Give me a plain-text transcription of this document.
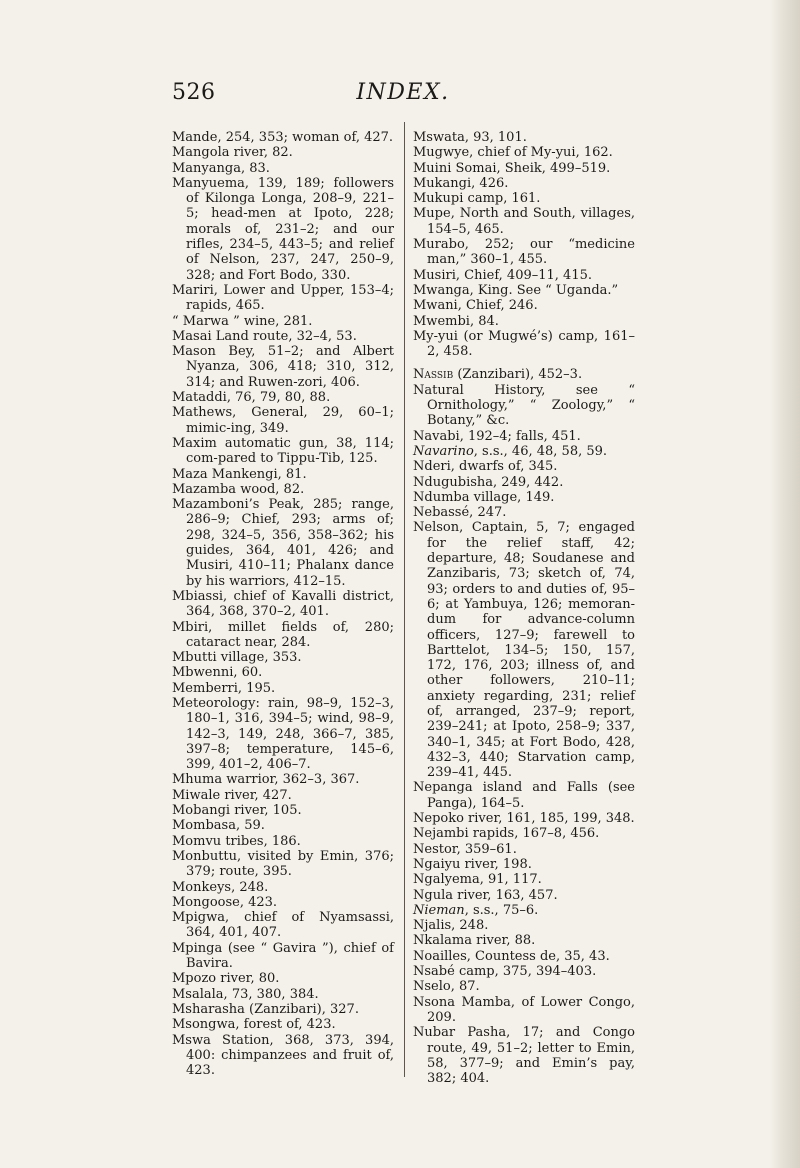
526	INDEX.

Mande, 254, 353; woman of, 427.

Mangola river, 82.

Manyanga, 83.

Manyuema, 139, 189; followers of Kilonga Longa, 208–9, 221–5; head-men at Ipoto, 228; morals of, 231–2; and our rifles, 234–5, 443–5; and relief of Nelson, 237, 247, 250–9, 328; and Fort Bodo, 330.

Mariri, Lower and Upper, 153–4; rapids, 465.

“ Marwa ” wine, 281.

Masai Land route, 32–4, 53.

Mason Bey, 51–2; and Albert Nyanza, 306, 418; 310, 312, 314; and Ruwen-zori, 406.

Mataddi, 76, 79, 80, 88.

Mathews, General, 29, 60–1; mimic-ing, 349.

Maxim automatic gun, 38, 114; com-pared to Tippu-Tib, 125.

Maza Mankengi, 81.

Mazamba wood, 82.

Mazamboni’s Peak, 285; range, 286–9; Chief, 293; arms of; 298, 324–5, 356, 358–362; his guides, 364, 401, 426; and Musiri, 410–11; Phalanx dance by his warriors, 412–15.

Mbiassi, chief of Kavalli district, 364, 368, 370–2, 401.

Mbiri, millet fields of, 280; cataract near, 284.

Mbutti village, 353.

Mbwenni, 60.

Memberri, 195.

Meteorology: rain, 98–9, 152–3, 180–1, 316, 394–5; wind, 98–9, 142–3, 149, 248, 366–7, 385, 397–8; temperature, 145–6, 399, 401–2, 406–7.

Mhuma warrior, 362–3, 367.

Miwale river, 427.

Mobangi river, 105.

Mombasa, 59.

Momvu tribes, 186.

Monbuttu, visited by Emin, 376; 379; route, 395.

Monkeys, 248.

Mongoose, 423.

Mpigwa, chief of Nyamsassi, 364, 401, 407.

Mpinga (see “ Gavira ”), chief of Bavira.

Mpozo river, 80.

Msalala, 73, 380, 384.

Msharasha (Zanzibari), 327.

Msongwa, forest of, 423.

Mswa Station, 368, 373, 394, 400: chimpanzees and fruit of, 423.

Mswata, 93, 101.

Mugwye, chief of My-yui, 162.

Muini Somai, Sheik, 499–519.

Mukangi, 426.

Mukupi camp, 161.

Mupe, North and South, villages, 154–5, 465.

Murabo, 252; our “medicine man,” 360–1, 455.

Musiri, Chief, 409–11, 415.

Mwanga, King. See “ Uganda.”

Mwani, Chief, 246.

Mwembi, 84.

My-yui (or Mugwé’s) camp, 161–2, 458.

Nassib (Zanzibari), 452–3.

Natural History, see “ Ornithology,” “ Zoology,” “ Botany,” &c.

Navabi, 192–4; falls, 451.

Navarino, s.s., 46, 48, 58, 59.

Nderi, dwarfs of, 345.

Ndugubisha, 249, 442.

Ndumba village, 149.

Nebassé, 247.

Nelson, Captain, 5, 7; engaged for the relief staff, 42; departure, 48; Soudanese and Zanzibaris, 73; sketch of, 74, 93; orders to and duties of, 95–6; at Yambuya, 126; memoran-dum for advance-column officers, 127–9; farewell to Barttelot, 134–5; 150, 157, 172, 176, 203; illness of, and other followers, 210–11; anxiety regarding, 231; relief of, arranged, 237–9; report, 239–241; at Ipoto, 258–9; 337, 340–1, 345; at Fort Bodo, 428, 432–3, 440; Starvation camp, 239–41, 445.

Nepanga island and Falls (see Panga), 164–5.

Nepoko river, 161, 185, 199, 348.

Nejambi rapids, 167–8, 456.

Nestor, 359–61.

Ngaiyu river, 198.

Ngalyema, 91, 117.

Ngula river, 163, 457.

Nieman, s.s., 75–6.

Njalis, 248.

Nkalama river, 88.

Noailles, Countess de, 35, 43.

Nsabé camp, 375, 394–403.

Nselo, 87.

Nsona Mamba, of Lower Congo, 209.

Nubar Pasha, 17; and Congo route, 49, 51–2; letter to Emin, 58, 377–9; and Emin’s pay, 382; 404.
